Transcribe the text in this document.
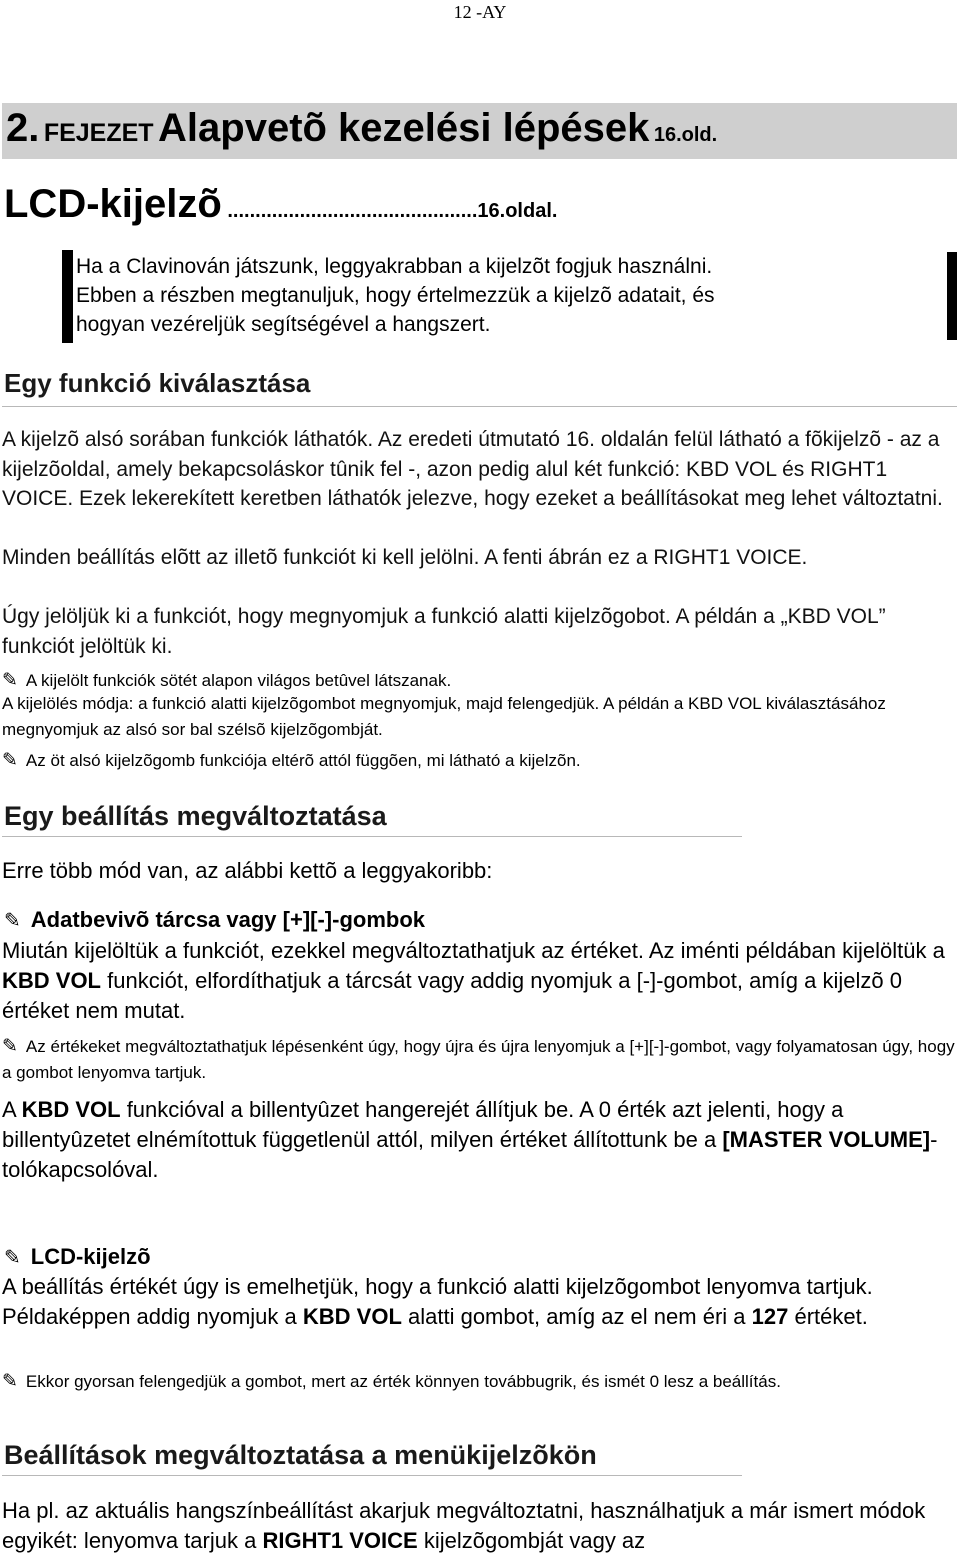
12 -AY
2. FEJEZET Alapvetõ kezelési lépések 16.old.
LCD-kijelzõ .............................................16.oldal.
Ha a Clavinován játszunk, leggyakrabban a kijelzõt fogjuk használni.
Ebben a részben megtanuljuk, hogy értelmezzük a kijelzõ adatait, és
hogyan vezéreljük segítségével a hangszert.
Egy funkció kiválasztása
A kijelzõ alsó sorában funkciók láthatók. Az eredeti útmutató 16. oldalán felül látható a fõkijelzõ - az a kijelzõoldal, amely bekapcsoláskor tûnik fel -, azon pedig alul két funkció: KBD VOL és RIGHT1 VOICE. Ezek lekerekített keretben láthatók jelezve, hogy ezeket a beállításokat meg lehet változtatni.
Minden beállítás elõtt az illetõ funkciót ki kell jelölni. A fenti ábrán ez a RIGHT1 VOICE.
Úgy jelöljük ki a funkciót, hogy megnyomjuk a funkció alatti kijelzõgobot. A példán a „KBD VOL” funkciót jelöltük ki.
✎ A kijelölt funkciók sötét alapon világos betûvel látszanak.
A kijelölés módja: a funkció alatti kijelzõgombot megnyomjuk, majd felengedjük. A példán a KBD VOL kiválasztásához megnyomjuk az alsó sor bal szélsõ kijelzõgombját.
✎ Az öt alsó kijelzõgomb funkciója eltérõ attól függõen, mi látható a kijelzõn.
Egy beállítás megváltoztatása
Erre több mód van, az alábbi kettõ a leggyakoribb:
✎ Adatbevivõ tárcsa vagy [+][-]-gombok
Miután kijelöltük a funkciót, ezekkel megváltoztathatjuk az értéket. Az iménti példában kijelöltük a KBD VOL funkciót, elfordíthatjuk a tárcsát vagy addig nyomjuk a [-]-gombot, amíg a kijelzõ 0 értéket nem mutat.
✎ Az értékeket megváltoztathatjuk lépésenként úgy, hogy újra és újra lenyomjuk a [+][-]-gombot, vagy folyamatosan úgy, hogy a gombot lenyomva tartjuk.
A KBD VOL funkcióval a billentyûzet hangerejét állítjuk be. A 0 érték azt jelenti, hogy a billentyûzetet elnémítottuk függetlenül attól, milyen értéket állítottunk be a [MASTER VOLUME]-tolókapcsolóval.
✎ LCD-kijelzõ
A beállítás értékét úgy is emelhetjük, hogy a funkció alatti kijelzõgombot lenyomva tartjuk. Példaképpen addig nyomjuk a KBD VOL alatti gombot, amíg az el nem éri a 127 értéket.
✎ Ekkor gyorsan felengedjük a gombot, mert az érték könnyen továbbugrik, és ismét 0 lesz a beállítás.
Beállítások megváltoztatása a menükijelzõkön
Ha pl. az aktuális hangszínbeállítást akarjuk megváltoztatni, használhatjuk a már ismert módok egyikét: lenyomva tarjuk a RIGHT1 VOICE kijelzõgombját vagy az
